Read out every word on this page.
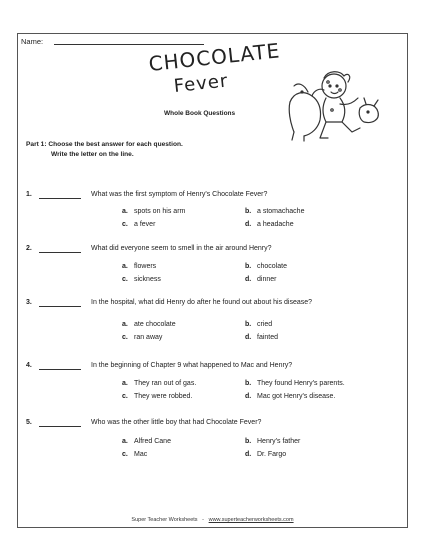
Name:	CHOCOLATE
Fever
Whole Book Questions
Part 1: Choose the best answer for each question.
Write the letter on the line.
1.	What was the first symptom of Henry's Chocolate Fever?
a. spots on his arm	b. a stomachache
c. a fever	d. a headache
2.	What did everyone seem to smell in the air around Henry?
a. flowers	b. chocolate
c. sickness	d. dinner
3.	In the hospital, what did Henry do after he found out about his disease?
a. ate chocolate	b. cried
c. ran away	d. fainted
4.	In the beginning of Chapter 9 what happened to Mac and Henry?
a. They ran out of gas.	b. They found Henry's parents.
c. They were robbed.	d. Mac got Henry's disease.
5.	Who was the other little boy that had Chocolate Fever?
a. Alfred Cane	b. Henry's father
c. Mac	d. Dr. Fargo
Super Teacher Worksheets - www.superteacherworksheets.com
